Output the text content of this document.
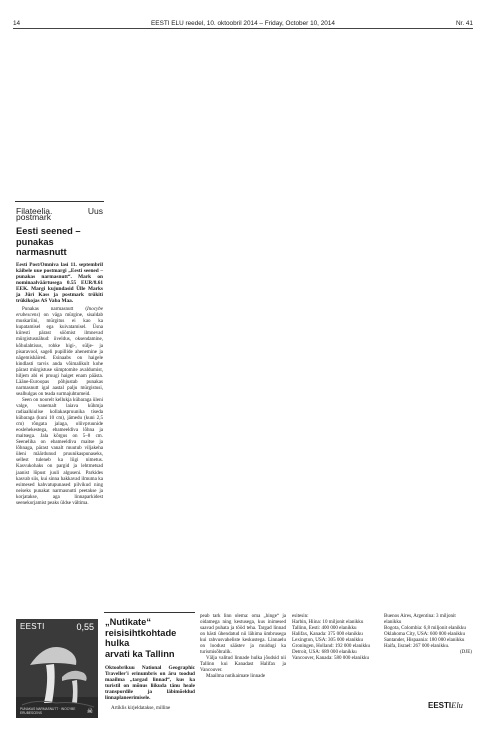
14	EESTI ELU reedel, 10. oktoobril 2014 – Friday, October 10, 2014	Nr. 41
Filateelia. Uus postmark
Eesti seened –
punakas narmasnutt
Eesti Post/Omniva lasi 11. septembril käibele uue postmargi „Eesti seened – punakas narmasnutt“. Mark on nominaalväärtusega 0.55 EUR/8.61 EEK. Margi kujundasid Ülle Marks ja Jüri Kass ja postmark trükiti trükikojas AS Vaba Maa.

Punakas narmasnutt (Inocybe erubescens) on väga mürgine, sisaldab muskariini, mürgitus ei kao ka kupatamisel ega kuivatamisel. Üsna kiiresti pärast söömist ilmnevad mürgistusnähud: iiveldus, oksendamine, kõhulahtisus, rohke higi-, sülje- ja pisaravool, sageli pupillide ahenemine ja nägemishäired. Esinaabs on haigele kindlasti tarvis anda võimalikult kohe pärast mürgistuse sümptomite avaldumist, hiljem abi ei pruugi haiget enam päästa. Lääne-Euroopas põhjustab punakas narmasnutt igal aastal palju mürgistusi, sealhulgas on teada surmajuhtumeid.

Seen on noorelt kellukja kübaraga üleni valge, vanemalt laiava kühmja radiaalkiulise kollakaspruunika tiseda kübaraga (kuni 10 cm), jämedu (kuni 2,5 cm) rõngata jalaga, oliivpruunide eoslehekestega, ebameeldiva lõhna ja maitsega. Jala kõrgus on 5–8 cm. Seeneliha on ebameeldiva maitse ja lõhnaga, pärast vanalt muutub viljakeha üleni määrdunud pruunikaspunaseks, sellest tuleneb ka liigi nimetus. Kasvukohaks on pargid ja lehtmetsad jaanist lõpust juuli alguseni. Parkides kasvab siis, kui sinna hakkavad ilmuma ka esimesed kahvatupunased pilvikud ning neiseks punakat narmasnutti peetakse ja korjatakse, aga linnaparkidest seenekorjamist peaks üldse vältima.

EESTI	0,55
PUNAKAS NARMASNUTT · INOCYBE ERUBESCENS	☠
„Nutikate“
reisisihtkohtade hulka
arvati ka Tallinn
Oktoobrikuu National Geographic Traveller'i erinumbris on äru toodud maailma „targad linnad“, kus ka turistil on mõnus liikuda tänu heale transpordile ja läbimõeldud linnaplaneerimisele.

Artiklis kirjeldatakse, milline

peab tark linn olema: oma „hinge“ ja oidamega ning kestusega, kus inimesed saavad puhata ja tööd teha. Targad linnad on hästi ühendatud nii lähima ümbrusega kui rahvusvaheliste keskustega. Linnaelu on loodust säästev ja muidugi ka turismisõbralik.

Välja valitud linnade hulka jõudsid nii Tallinn kui Kanadast Halifax ja Vancouver.

Maailma nutikaimate linnade

esitesin:
Harbin, Hiina: 10 miljonit elanikku
Tallinn, Eesti: 400 000 elanikku
Halifax, Kanada: 375 000 elanikku
Lexington, USA: 305 000 elanikku
Groningen, Holland: 192 000 elanikku
Detroit, USA: 689 000 elanikku
Vancouver, Kanada: 580 000 elanikku
Buenos Aires, Argentina: 3 miljonit elanikku
Bogota, Colombia: 6,8 miljonit elanikku
Oklahoma City, USA: 600 000 elanikku
Santander, Hispaania: 180 000 elanikku
Haifa, Iisrael: 267 000 elanikku.
(DJE)
EESTIElu
